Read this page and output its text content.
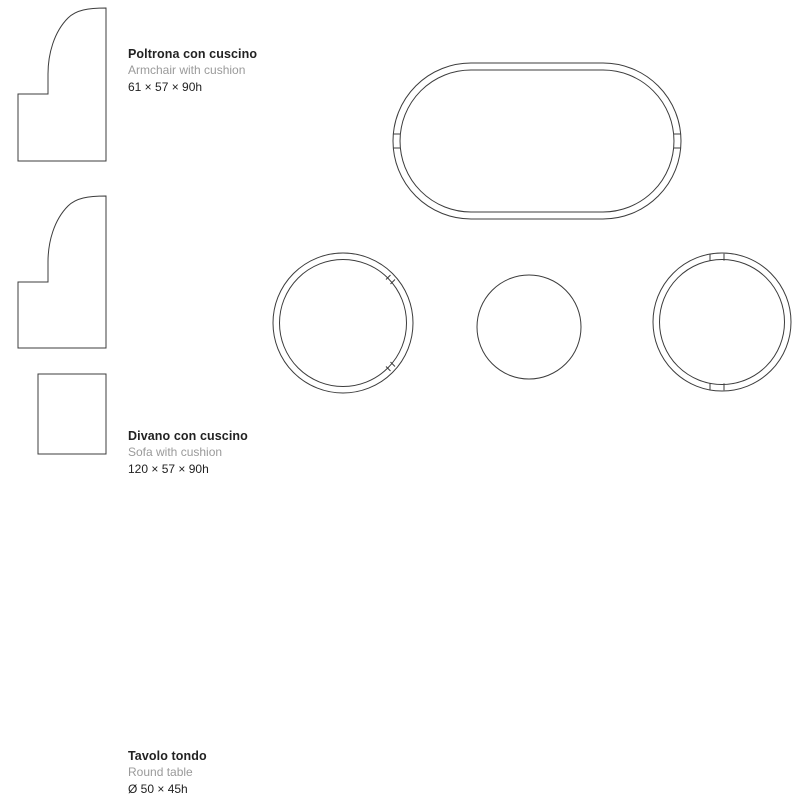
Poltrona con cuscino
Armchair with cushion
61 × 57 × 90h
Divano con cuscino
Sofa with cushion
120 × 57 × 90h
Tavolo tondo
Round table
Ø 50 × 45h
